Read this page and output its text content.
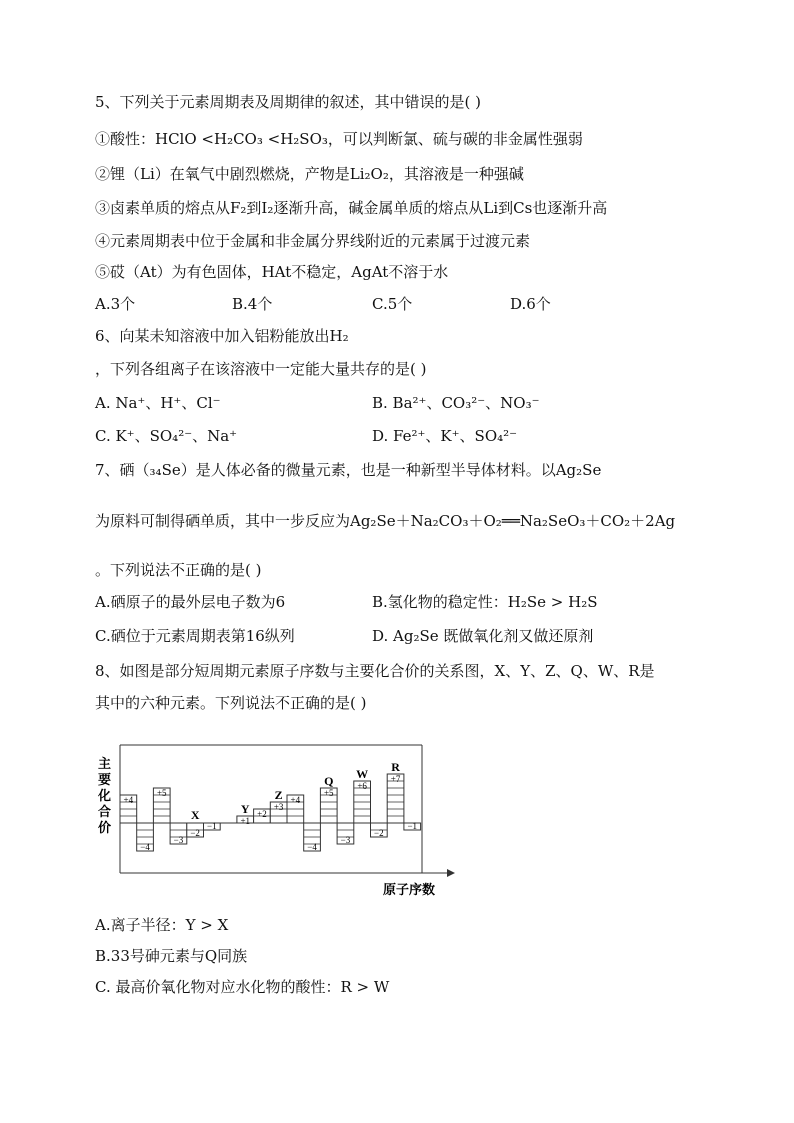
5、下列关于元素周期表及周期律的叙述，其中错误的是( )
①酸性：HClO <H₂CO₃ <H₂SO₃，可以判断氯、硫与碳的非金属性强弱
②锂（Li）在氧气中剧烈燃烧，产物是Li₂O₂，其溶液是一种强碱
③卤素单质的熔点从F₂到I₂逐渐升高，碱金属单质的熔点从Li到Cs也逐渐升高
④元素周期表中位于金属和非金属分界线附近的元素属于过渡元素
⑤砹（At）为有色固体，HAt不稳定，AgAt不溶于水
A.3个	B.4个	C.5个	D.6个
6、向某未知溶液中加入铝粉能放出H₂
，下列各组离子在该溶液中一定能大量共存的是( )
A. Na⁺、H⁺、Cl⁻	B. Ba²⁺、CO₃²⁻、NO₃⁻
C. K⁺、SO₄²⁻、Na⁺	D. Fe²⁺、K⁺、SO₄²⁻
7、硒（₃₄Se）是人体必备的微量元素，也是一种新型半导体材料。以Ag₂Se
为原料可制得硒单质，其中一步反应为Ag₂Se＋Na₂CO₃＋O₂══Na₂SeO₃＋CO₂＋2Ag
。下列说法不正确的是( )
A.硒原子的最外层电子数为6	B.氢化物的稳定性：H₂Se > H₂S
C.硒位于元素周期表第16纵列	D. Ag₂Se 既做氧化剂又做还原剂
8、如图是部分短周期元素原子序数与主要化合价的关系图，X、Y、Z、Q、W、R是
其中的六种元素。下列说法不正确的是( )
+4
−4
+5
−3
−2
−1	+1
+2
+3
+4
−4
+5
−3
+6
−2
+7
−1
X	Y
Z
Q W R
主要化合价
原子序数
A.离子半径：Y > X
B.33号砷元素与Q同族
C. 最高价氧化物对应水化物的酸性：R > W
